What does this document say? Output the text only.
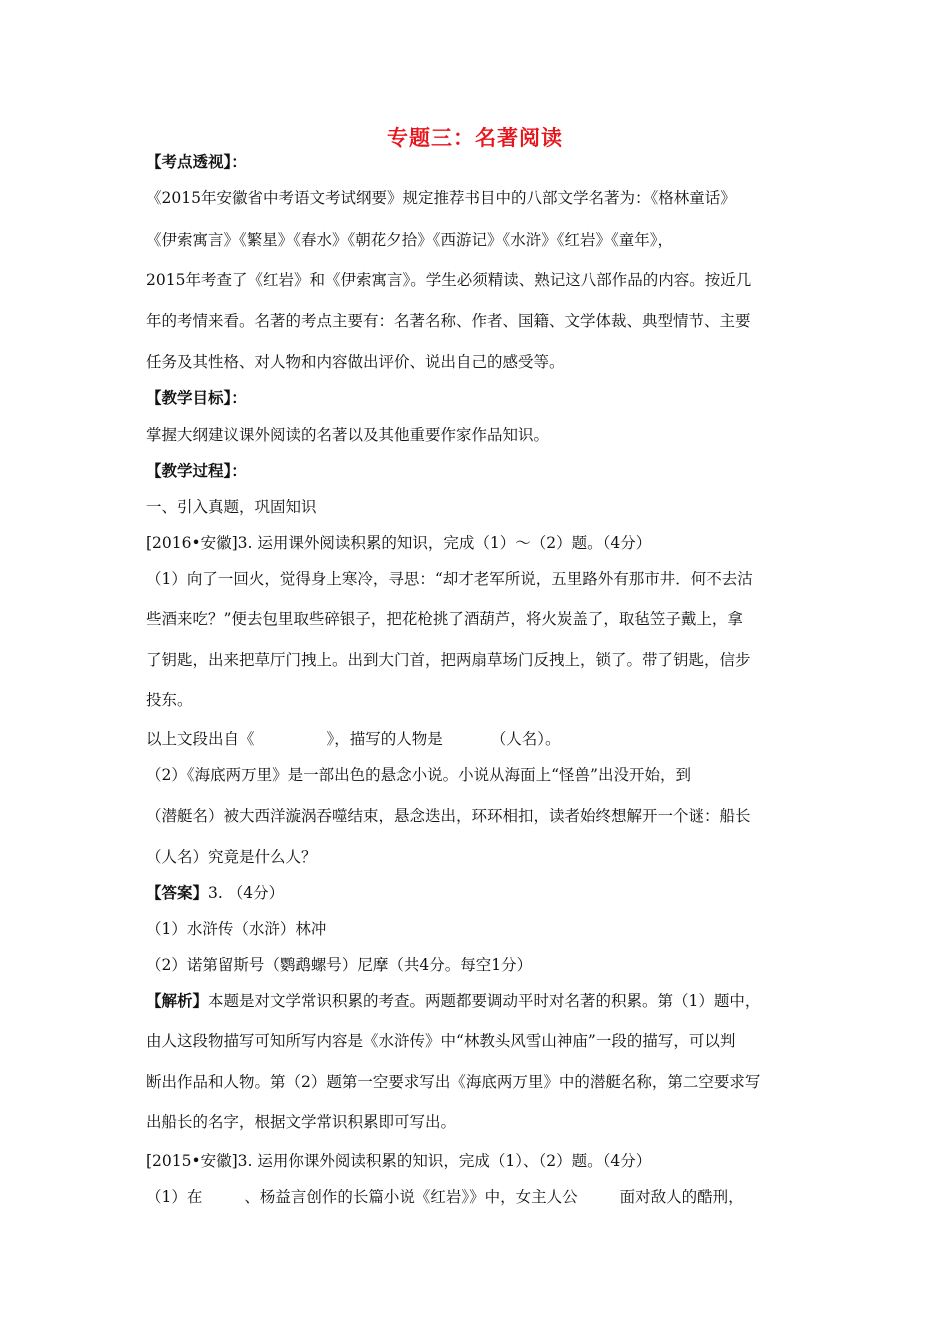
专题三：名著阅读
【考点透视】：
《2015年安徽省中考语文考试纲要》规定推荐书目中的八部文学名著为：《格林童话》
《伊索寓言》《繁星》《春水》《朝花夕拾》《西游记》《水浒》《红岩》《童年》，
2015年考查了《红岩》和《伊索寓言》。学生必须精读、熟记这八部作品的内容。按近几
年的考情来看。名著的考点主要有：名著名称、作者、国籍、文学体裁、典型情节、主要
任务及其性格、对人物和内容做出评价、说出自己的感受等。
【教学目标】：
掌握大纲建议课外阅读的名著以及其他重要作家作品知识。
【教学过程】：
一、引入真题，巩固知识
[2016•安徽]3. 运用课外阅读积累的知识，完成（1）～（2）题。（4分）
（1）向了一回火，觉得身上寒冷，寻思：“却才老军所说，五里路外有那市井．何不去沽
些酒来吃？”便去包里取些碎银子，把花枪挑了酒葫芦，将火炭盖了，取毡笠子戴上，拿
了钥匙，出来把草厅门拽上。出到大门首，把两扇草场门反拽上，锁了。带了钥匙，信步
投东。
以上文段出自《	》，描写的人物是	（人名）。
（2）《海底两万里》是一部出色的悬念小说。小说从海面上“怪兽”出没开始，到
（潜艇名）被大西洋漩涡吞噬结束，悬念迭出，环环相扣，读者始终想解开一个谜：船长
（人名）究竟是什么人？
【答案】3. （4分）
（1）水浒传（水浒）林冲
（2）诺第留斯号（鹦鹉螺号）尼摩（共4分。每空1分）
【解析】本题是对文学常识积累的考查。两题都要调动平时对名著的积累。第（1）题中，
由人这段物描写可知所写内容是《水浒传》中“林教头风雪山神庙”一段的描写，可以判
断出作品和人物。第（2）题第一空要求写出《海底两万里》中的潜艇名称，第二空要求写
出船长的名字，根据文学常识积累即可写出。
[2015•安徽]3. 运用你课外阅读积累的知识，完成（1）、（2）题。（4分）
（1）在	、杨益言创作的长篇小说《红岩》》中，女主人公	面对敌人的酷刑，
